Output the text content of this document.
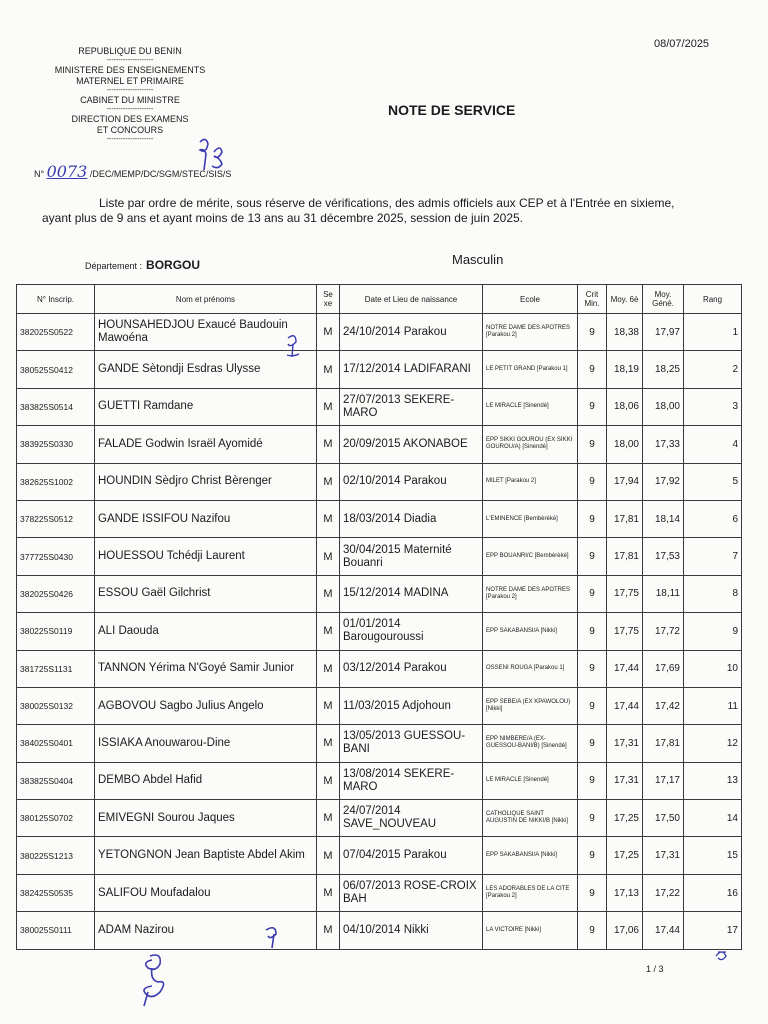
08/07/2025
REPUBLIQUE DU BENIN
--------------------
MINISTERE DES ENSEIGNEMENTS
MATERNEL ET PRIMAIRE
--------------------
CABINET DU MINISTRE
--------------------
DIRECTION DES EXAMENS
ET CONCOURS
--------------------
NOTE DE SERVICE
N° 0073 /DEC/MEMP/DC/SGM/STEC/SIS/S
Liste par ordre de mérite, sous réserve de vérifications, des admis officiels aux CEP et à l'Entrée en sixieme, ayant plus de 9 ans et ayant moins de 13 ans au 31 décembre 2025, session de juin 2025.
Département : BORGOU	Masculin
N° Inscrip.	Nom et prénoms	Se xe	Date et Lieu de naissance	Ecole	Crit Min.	Moy. 6è	Moy. Géné.	Rang
382025S0522	HOUNSAHEDJOU Exaucé Baudouin Mawoéna	M	24/10/2014 Parakou	NOTRE DAME DES APOTRES [Parakou 2]	9	18,38	17,97	1
380525S0412	GANDE Sètondji Esdras Ulysse	M	17/12/2014 LADIFARANI	LE PETIT GRAND [Parakou 1]	9	18,19	18,25	2
383825S0514	GUETTI Ramdane	M	27/07/2013 SEKERE-MARO	LE MIRACLE [Sinendé]	9	18,06	18,00	3
383925S0330	FALADE Godwin Israël Ayomidé	M	20/09/2015 AKONABOE	EPP SIKKI GOUROU (EX SIKKI GOUROU/A) [Sinendé]	9	18,00	17,33	4
382625S1002	HOUNDIN Sèdjro Christ Bèrenger	M	02/10/2014 Parakou	MILET [Parakou 2]	9	17,94	17,92	5
378225S0512	GANDE ISSIFOU Nazifou	M	18/03/2014 Diadia	L'EMINENCE [Bembèrèkè]	9	17,81	18,14	6
377725S0430	HOUESSOU Tchédji Laurent	M	30/04/2015 Maternité Bouanri	EPP BOUANRI/C [Bembèrèkè]	9	17,81	17,53	7
382025S0426	ESSOU Gaël Gilchrist	M	15/12/2014 MADINA	NOTRE DAME DES APOTRES [Parakou 2]	9	17,75	18,11	8
380225S0119	ALI Daouda	M	01/01/2014 Barougouroussi	EPP SAKABANSI/A [Nikki]	9	17,75	17,72	9
381725S1131	TANNON Yérima N'Goyé Samir Junior	M	03/12/2014 Parakou	OSSENI ROUGA [Parakou 1]	9	17,44	17,69	10
380025S0132	AGBOVOU Sagbo Julius Angelo	M	11/03/2015 Adjohoun	EPP SEBE/A (EX KPAWOLOU) [Nikki]	9	17,44	17,42	11
384025S0401	ISSIAKA Anouwarou-Dine	M	13/05/2013 GUESSOU-BANI	EPP NIMBERE/A (EX-GUESSOU-BANI/B) [Sinendé]	9	17,31	17,81	12
383825S0404	DEMBO Abdel Hafid	M	13/08/2014 SEKERE-MARO	LE MIRACLE [Sinendé]	9	17,31	17,17	13
380125S0702	EMIVEGNI Sourou Jaques	M	24/07/2014 SAVE_NOUVEAU	CATHOLIQUE SAINT AUGUSTIN DE NIKKI/B [Nikki]	9	17,25	17,50	14
380225S1213	YETONGNON Jean Baptiste Abdel Akim	M	07/04/2015 Parakou	EPP SAKABANSI/A [Nikki]	9	17,25	17,31	15
382425S0535	SALIFOU Moufadalou	M	06/07/2013 ROSE-CROIX BAH	LES ADORABLES DE LA CITE [Parakou 2]	9	17,13	17,22	16
380025S0111	ADAM Nazirou	M	04/10/2014 Nikki	LA VICTOIRE [Nikki]	9	17,06	17,44	17
1 / 3
